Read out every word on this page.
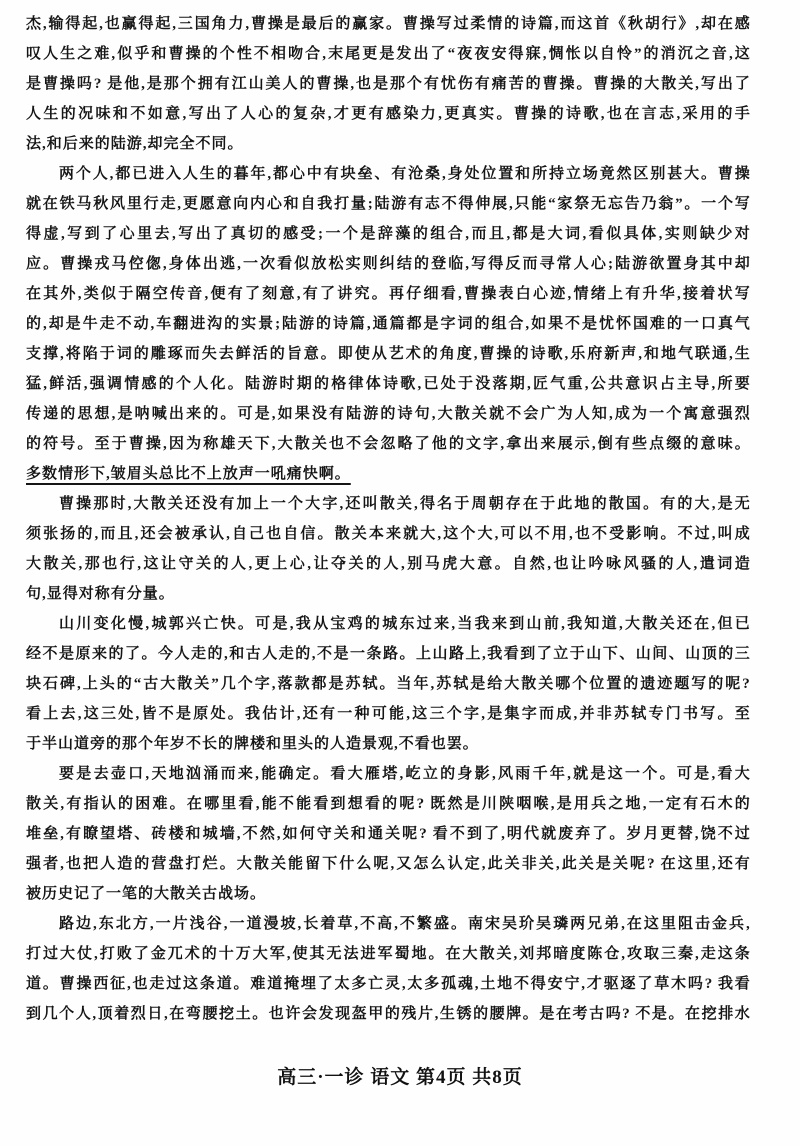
杰,输得起,也赢得起,三国角力,曹操是最后的赢家。曹操写过柔情的诗篇,而这首《秋胡行》,却在感
叹人生之难,似乎和曹操的个性不相吻合,末尾更是发出了“夜夜安得寐,惆怅以自怜”的消沉之音,这
是曹操吗? 是他,是那个拥有江山美人的曹操,也是那个有忧伤有痛苦的曹操。曹操的大散关,写出了
人生的况味和不如意,写出了人心的复杂,才更有感染力,更真实。曹操的诗歌,也在言志,采用的手
法,和后来的陆游,却完全不同。
两个人,都已进入人生的暮年,都心中有块垒、有沧桑,身处位置和所持立场竟然区别甚大。曹操
就在铁马秋风里行走,更愿意向内心和自我打量;陆游有志不得伸展,只能“家祭无忘告乃翁”。一个写
得虚,写到了心里去,写出了真切的感受;一个是辞藻的组合,而且,都是大词,看似具体,实则缺少对
应。曹操戎马倥偬,身体出逃,一次看似放松实则纠结的登临,写得反而寻常人心;陆游欲置身其中却
在其外,类似于隔空传音,便有了刻意,有了讲究。再仔细看,曹操表白心迹,情绪上有升华,接着状写
的,却是牛走不动,车翻进沟的实景;陆游的诗篇,通篇都是字词的组合,如果不是忧怀国难的一口真气
支撑,将陷于词的雕琢而失去鲜活的旨意。即使从艺术的角度,曹操的诗歌,乐府新声,和地气联通,生
猛,鲜活,强调情感的个人化。陆游时期的格律体诗歌,已处于没落期,匠气重,公共意识占主导,所要
传递的思想,是呐喊出来的。可是,如果没有陆游的诗句,大散关就不会广为人知,成为一个寓意强烈
的符号。至于曹操,因为称雄天下,大散关也不会忽略了他的文字,拿出来展示,倒有些点缀的意味。
多数情形下,皱眉头总比不上放声一吼痛快啊。
曹操那时,大散关还没有加上一个大字,还叫散关,得名于周朝存在于此地的散国。有的大,是无
须张扬的,而且,还会被承认,自己也自信。散关本来就大,这个大,可以不用,也不受影响。不过,叫成
大散关,那也行,这让守关的人,更上心,让夺关的人,别马虎大意。自然,也让吟咏风骚的人,遣词造
句,显得对称有分量。
山川变化慢,城郭兴亡快。可是,我从宝鸡的城东过来,当我来到山前,我知道,大散关还在,但已
经不是原来的了。今人走的,和古人走的,不是一条路。上山路上,我看到了立于山下、山间、山顶的三
块石碑,上头的“古大散关”几个字,落款都是苏轼。当年,苏轼是给大散关哪个位置的遗迹题写的呢?
看上去,这三处,皆不是原处。我估计,还有一种可能,这三个字,是集字而成,并非苏轼专门书写。至
于半山道旁的那个年岁不长的牌楼和里头的人造景观,不看也罢。
要是去壶口,天地汹涌而来,能确定。看大雁塔,屹立的身影,风雨千年,就是这一个。可是,看大
散关,有指认的困难。在哪里看,能不能看到想看的呢? 既然是川陕咽喉,是用兵之地,一定有石木的
堆垒,有瞭望塔、砖楼和城墙,不然,如何守关和通关呢? 看不到了,明代就废弃了。岁月更替,饶不过
强者,也把人造的营盘打烂。大散关能留下什么呢,又怎么认定,此关非关,此关是关呢? 在这里,还有
被历史记了一笔的大散关古战场。
路边,东北方,一片浅谷,一道漫坡,长着草,不高,不繁盛。南宋吴玠吴璘两兄弟,在这里阻击金兵,
打过大仗,打败了金兀术的十万大军,使其无法进军蜀地。在大散关,刘邦暗度陈仓,攻取三秦,走这条
道。曹操西征,也走过这条道。难道掩埋了太多亡灵,太多孤魂,土地不得安宁,才驱逐了草木吗? 我看
到几个人,顶着烈日,在弯腰挖土。也许会发现盔甲的残片,生锈的腰牌。是在考古吗? 不是。在挖排水
高三·一诊 语文 第4页 共8页
